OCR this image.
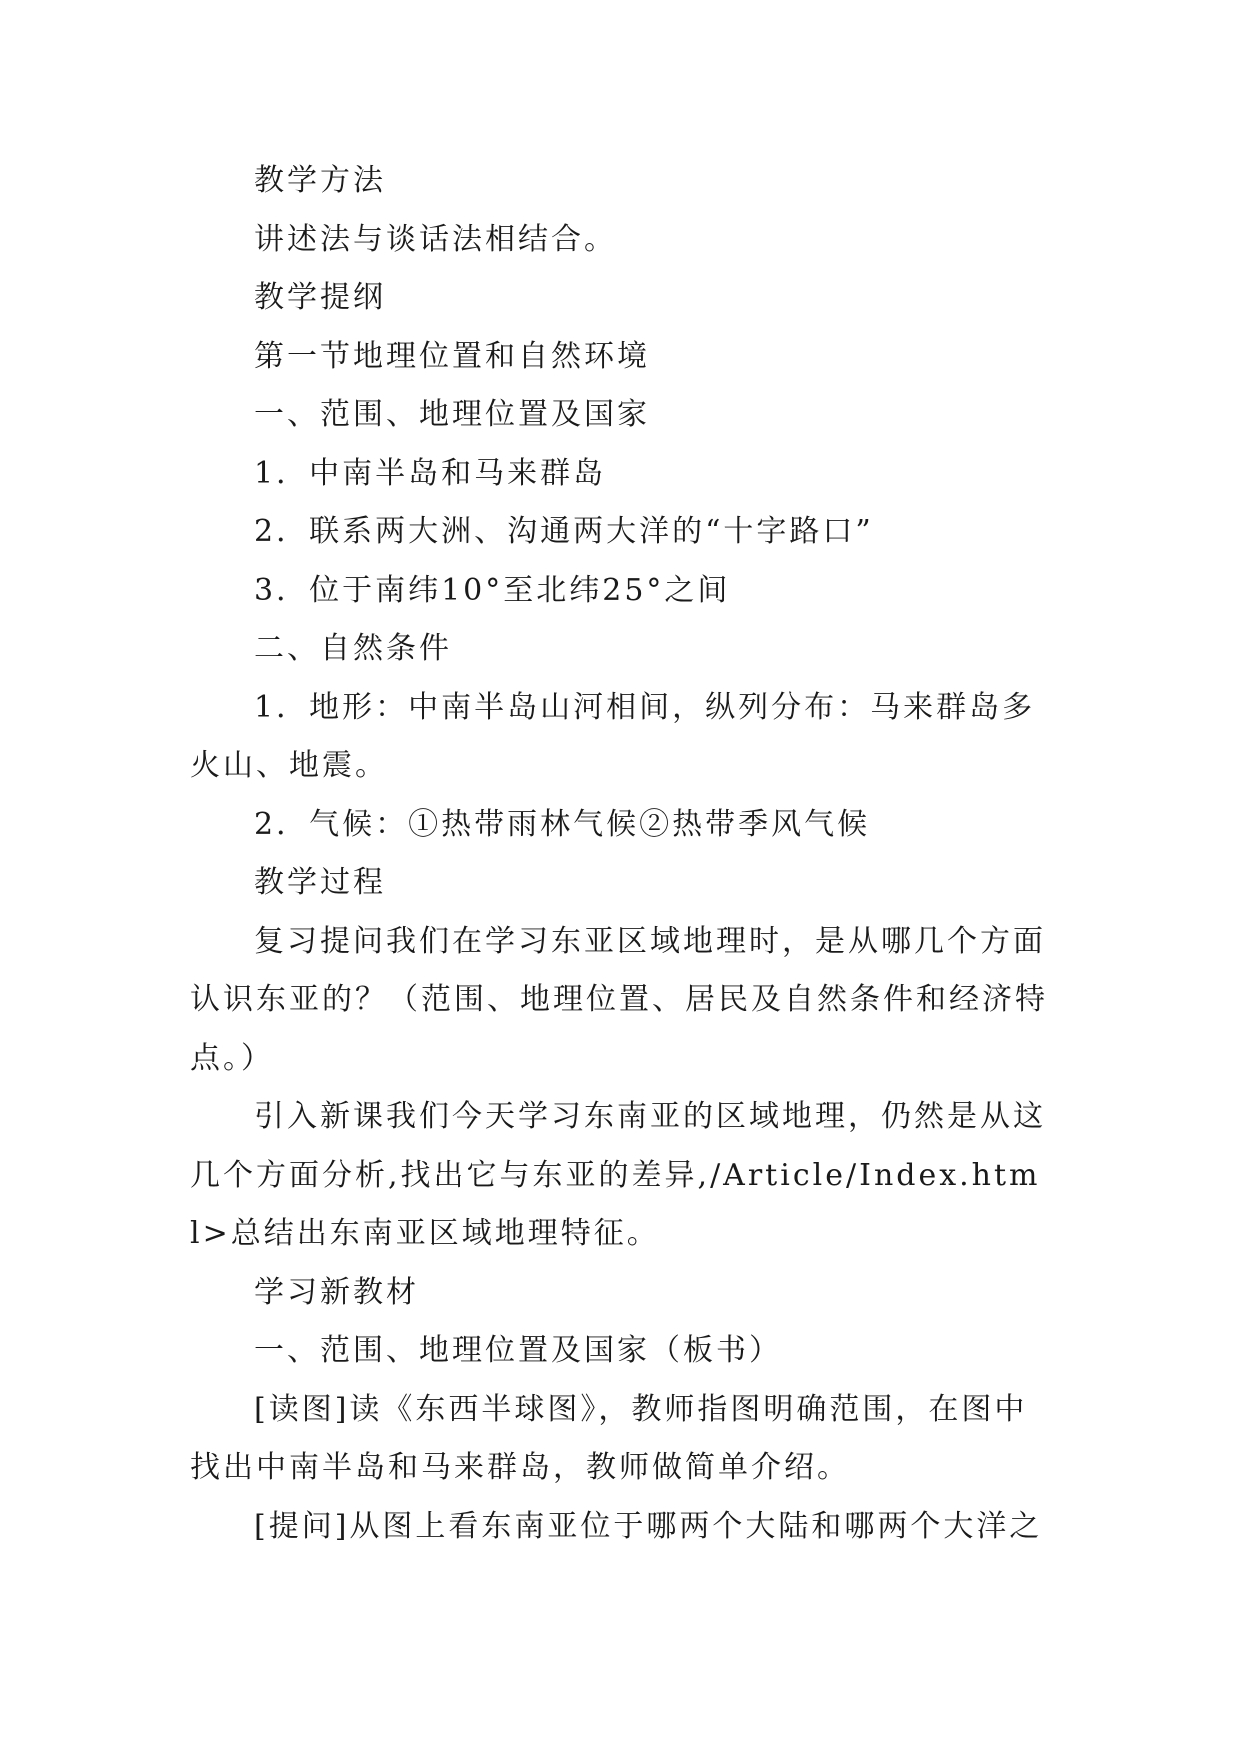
教学方法

讲述法与谈话法相结合。

教学提纲

第一节地理位置和自然环境

一、范围、地理位置及国家

1．中南半岛和马来群岛

2．联系两大洲、沟通两大洋的“十字路口”

3．位于南纬10°至北纬25°之间

二、自然条件

1．地形：中南半岛山河相间，纵列分布：马来群岛多火山、地震。

2．气候：①热带雨林气候②热带季风气候

教学过程

复习提问我们在学习东亚区域地理时，是从哪几个方面认识东亚的？（范围、地理位置、居民及自然条件和经济特点。）

引入新课我们今天学习东南亚的区域地理，仍然是从这几个方面分析,找出它与东亚的差异,/Article/Index.html>总结出东南亚区域地理特征。

学习新教材

一、范围、地理位置及国家（板书）

[读图]读《东西半球图》，教师指图明确范围，在图中找出中南半岛和马来群岛，教师做简单介绍。

[提问]从图上看东南亚位于哪两个大陆和哪两个大洋之
